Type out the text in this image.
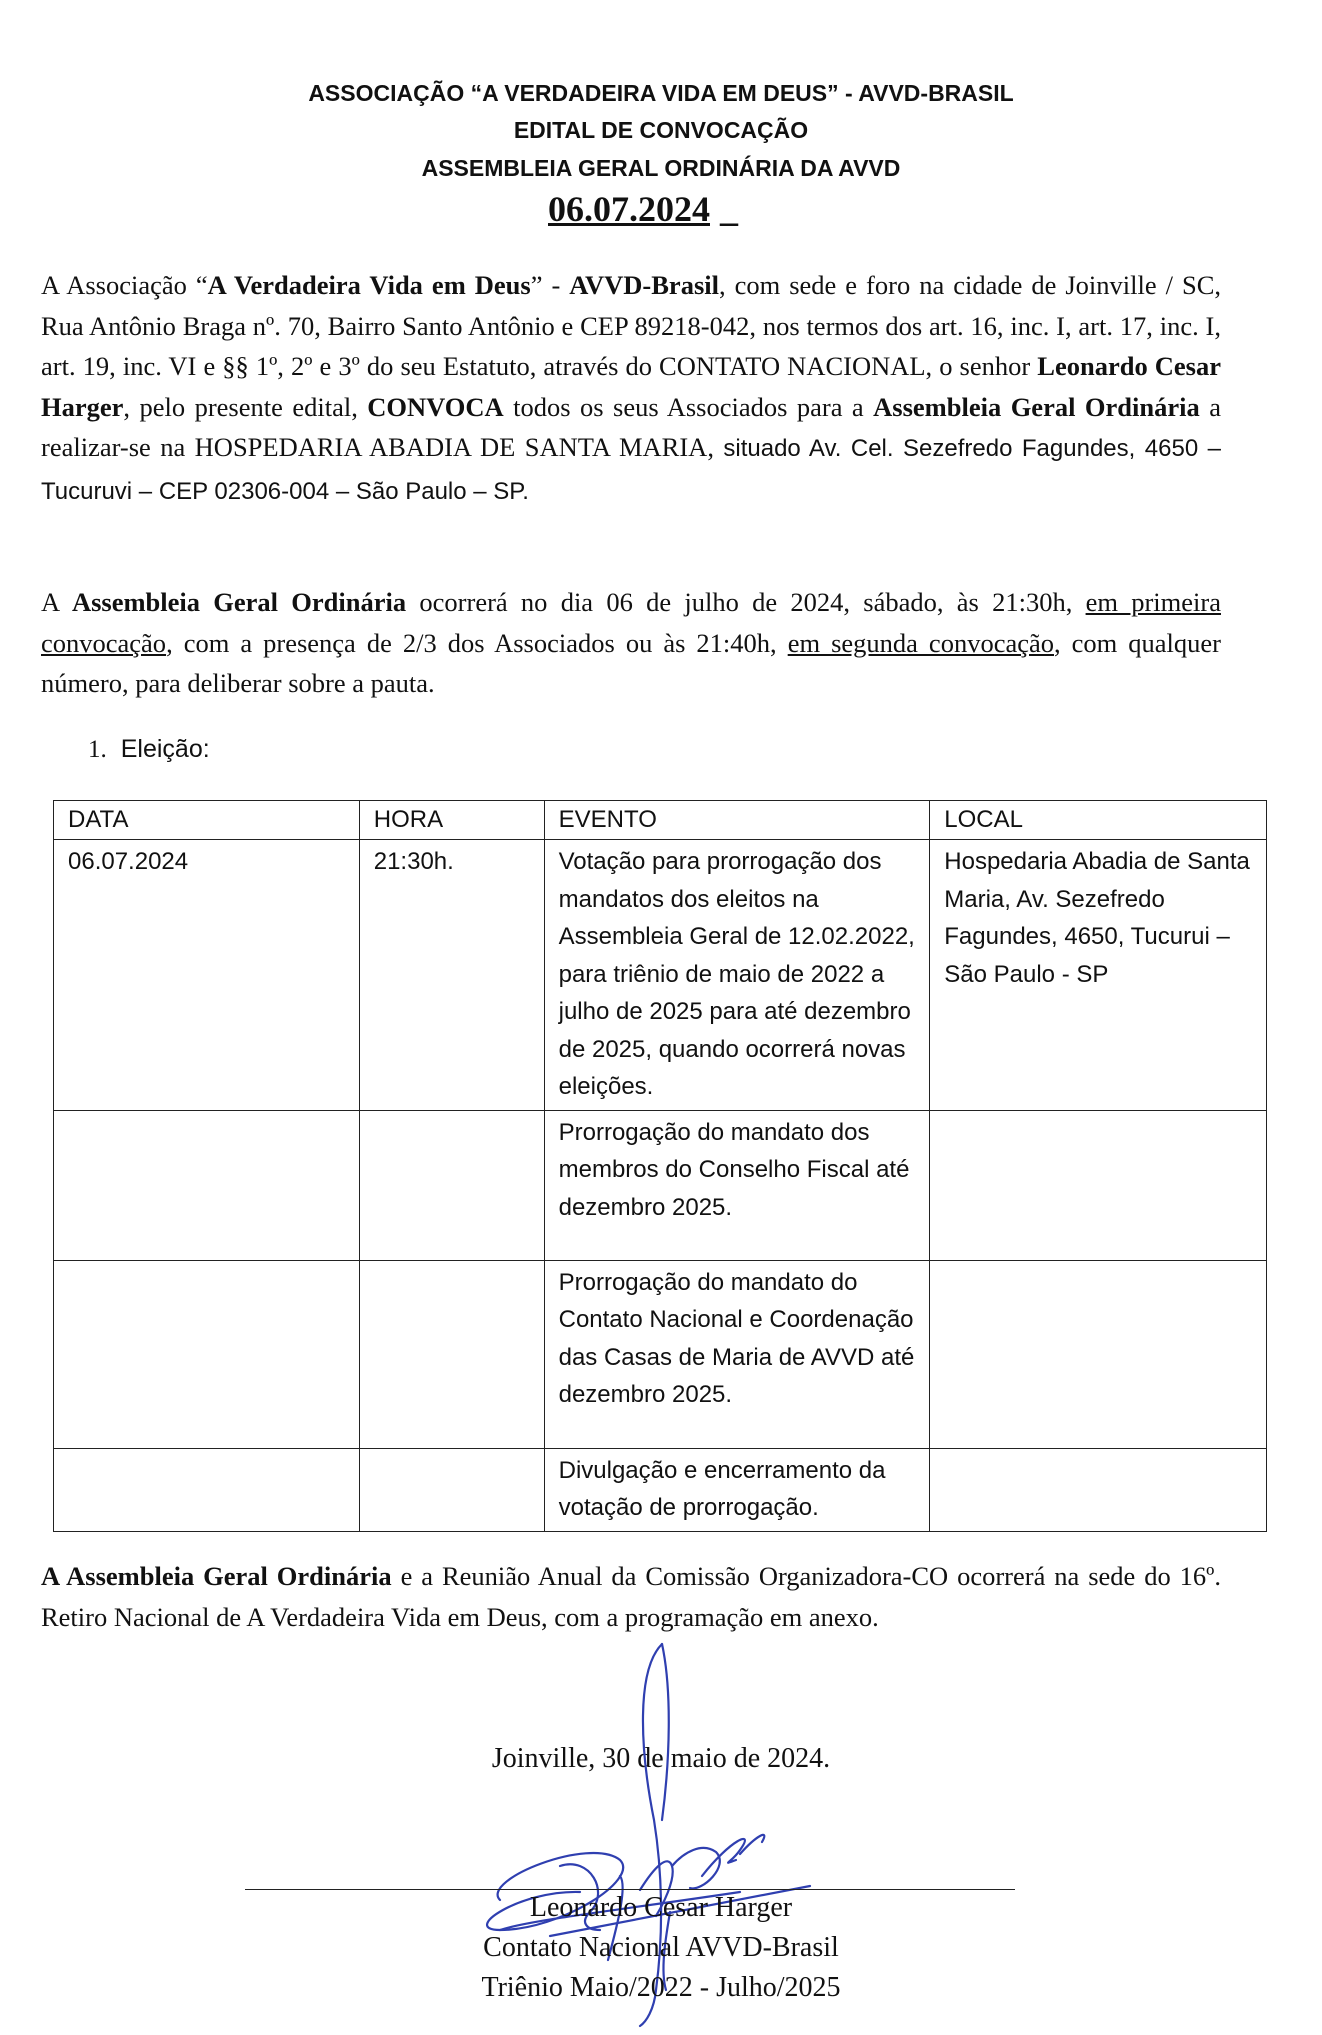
ASSOCIAÇÃO “A VERDADEIRA VIDA EM DEUS” - AVVD-BRASIL
EDITAL DE CONVOCAÇÃO
ASSEMBLEIA GERAL ORDINÁRIA DA AVVD
06.07.2024 _
A Associação “A Verdadeira Vida em Deus” - AVVD-Brasil, com sede e foro na cidade de Joinville / SC, Rua Antônio Braga nº. 70, Bairro Santo Antônio e CEP 89218-042, nos termos dos art. 16, inc. I, art. 17, inc. I, art. 19, inc. VI e §§ 1º, 2º e 3º do seu Estatuto, através do CONTATO NACIONAL, o senhor Leonardo Cesar Harger, pelo presente edital, CONVOCA todos os seus Associados para a Assembleia Geral Ordinária a realizar-se na HOSPEDARIA ABADIA DE SANTA MARIA, situado Av. Cel. Sezefredo Fagundes, 4650 – Tucuruvi – CEP 02306-004 – São Paulo – SP.
A Assembleia Geral Ordinária ocorrerá no dia 06 de julho de 2024, sábado, às 21:30h, em primeira convocação, com a presença de 2/3 dos Associados ou às 21:40h, em segunda convocação, com qualquer número, para deliberar sobre a pauta.
1. Eleição:
DATA	HORA	EVENTO	LOCAL
06.07.2024	21:30h.	Votação para prorrogação dos mandatos dos eleitos na Assembleia Geral de 12.02.2022, para triênio de maio de 2022 a julho de 2025 para até dezembro de 2025, quando ocorrerá novas eleições.	Hospedaria Abadia de Santa Maria, Av. Sezefredo Fagundes, 4650, Tucurui – São Paulo - SP
		Prorrogação do mandato dos membros do Conselho Fiscal até dezembro 2025.	
		Prorrogação do mandato do Contato Nacional e Coordenação das Casas de Maria de AVVD até dezembro 2025.	
		Divulgação e encerramento da votação de prorrogação.	
A Assembleia Geral Ordinária e a Reunião Anual da Comissão Organizadora-CO ocorrerá na sede do 16º. Retiro Nacional de A Verdadeira Vida em Deus, com a programação em anexo.
Joinville, 30 de maio de 2024.
Leonardo Cesar Harger
Contato Nacional AVVD-Brasil
Triênio Maio/2022 - Julho/2025
